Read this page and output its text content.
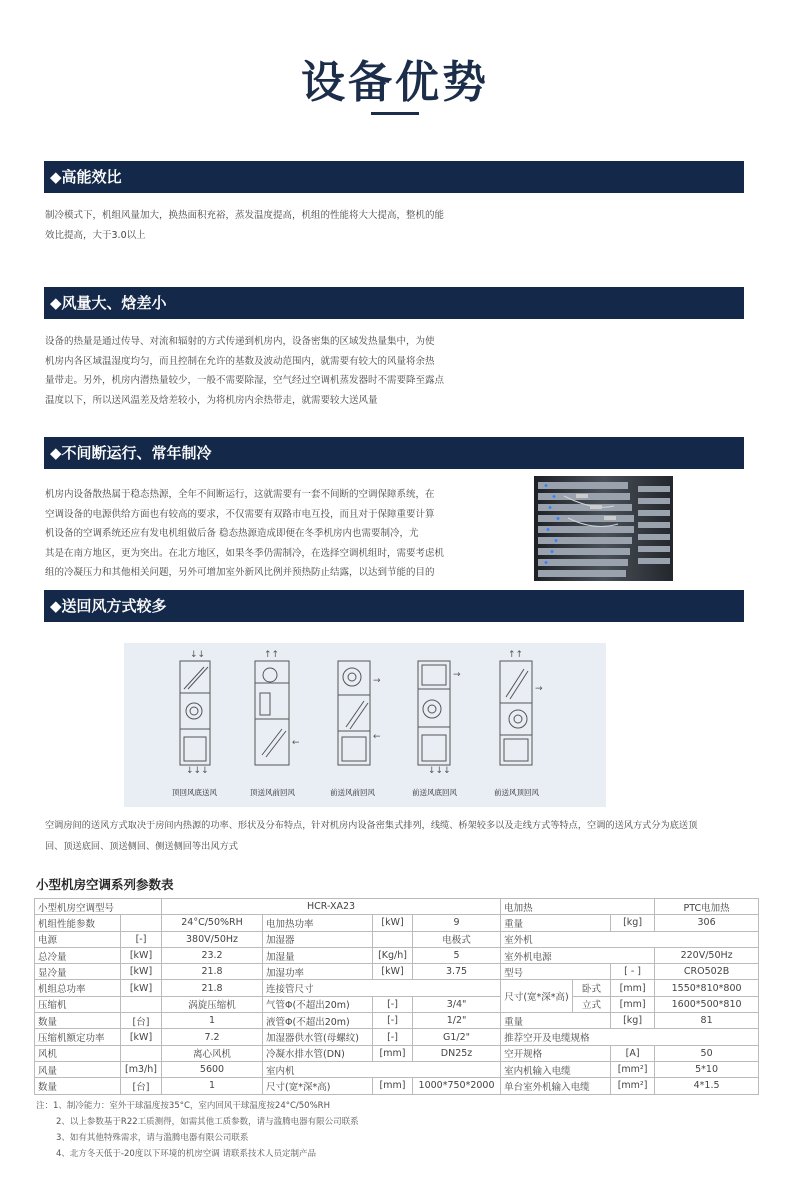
设备优势
◆高能效比
制冷模式下，机组风量加大，换热面积充裕，蒸发温度提高，机组的性能将大大提高，整机的能
效比提高，大于3.0以上
◆风量大、焓差小
设备的热量是通过传导、对流和辐射的方式传递到机房内，设备密集的区域发热量集中，为使
机房内各区域温湿度均匀，而且控制在允许的基数及波动范围内，就需要有较大的风量将余热
量带走。另外，机房内潜热量较少，一般不需要除湿，空气经过空调机蒸发器时不需要降至露点
温度以下，所以送风温差及焓差较小，为将机房内余热带走，就需要较大送风量
◆不间断运行、常年制冷
机房内设备散热属于稳态热源，全年不间断运行，这就需要有一套不间断的空调保障系统，在
空调设备的电源供给方面也有较高的要求，不仅需要有双路市电互投，而且对于保障重要计算
机设备的空调系统还应有发电机组做后备 稳态热源造成即便在冬季机房内也需要制冷，尤
其是在南方地区，更为突出。在北方地区，如果冬季仍需制冷，在选择空调机组时，需要考虑机
组的冷凝压力和其他相关问题，另外可增加室外新风比例并预热防止结露，以达到节能的目的
◆送回风方式较多
↓↓
↓↓↓
↑↑
←
→
←
→
↓↓↓
→
↑↑
顶回风底送风	顶送风前回风	前送风前回风	前送风底回风	前送风顶回风
空调房间的送风方式取决于房间内热源的功率、形状及分布特点，针对机房内设备密集式排列，线缆、桥架较多以及走线方式等特点，空调的送风方式分为底送顶
回、顶送底回、顶送侧回、侧送侧回等出风方式
小型机房空调系列参数表
小型机房空调型号		HCR-XA23				电加热			PTC电加热
机组性能参数		24°C/50%RH	电加热功率	[kW]	9	重量		[kg]	306
电源	[-]	380V/50Hz	加湿器		电极式	室外机			
总冷量	[kW]	23.2	加湿量	[Kg/h]	5	室外机电源			220V/50Hz
显冷量	[kW]	21.8	加湿功率	[kW]	3.75	型号		[ - ]	CRO502B
机组总功率	[kW]	21.8	连接管尺寸			尺寸(宽*深*高)	卧式	[mm]	1550*810*800
压缩机		涡旋压缩机	气管Φ(不超出20m)	[-]	3/4"		立式	[mm]	1600*500*810
数量	[台]	1	液管Φ(不超出20m)	[-]	1/2"	重量		[kg]	81
压缩机额定功率	[kW]	7.2	加湿器供水管(母螺纹)	[-]	G1/2"	推荐空开及电缆规格			
风机		离心风机	冷凝水排水管(DN)	[mm]	DN25z	空开规格		[A]	50
风量	[m3/h]	5600	室内机			室内机输入电缆		[mm²]	5*10
数量	[台]	1	尺寸(宽*深*高)	[mm]	1000*750*2000	单台室外机输入电缆		[mm²]	4*1.5
注：1、制冷能力：室外干球温度按35°C，室内回风干球温度按24°C/50%RH
2、以上参数基于R22工质测得，如需其他工质参数，请与滥腾电器有限公司联系
3、如有其他特殊需求，请与滥腾电器有限公司联系
4、北方冬天低于-20度以下环境的机房空调 请联系技术人员定制产品
